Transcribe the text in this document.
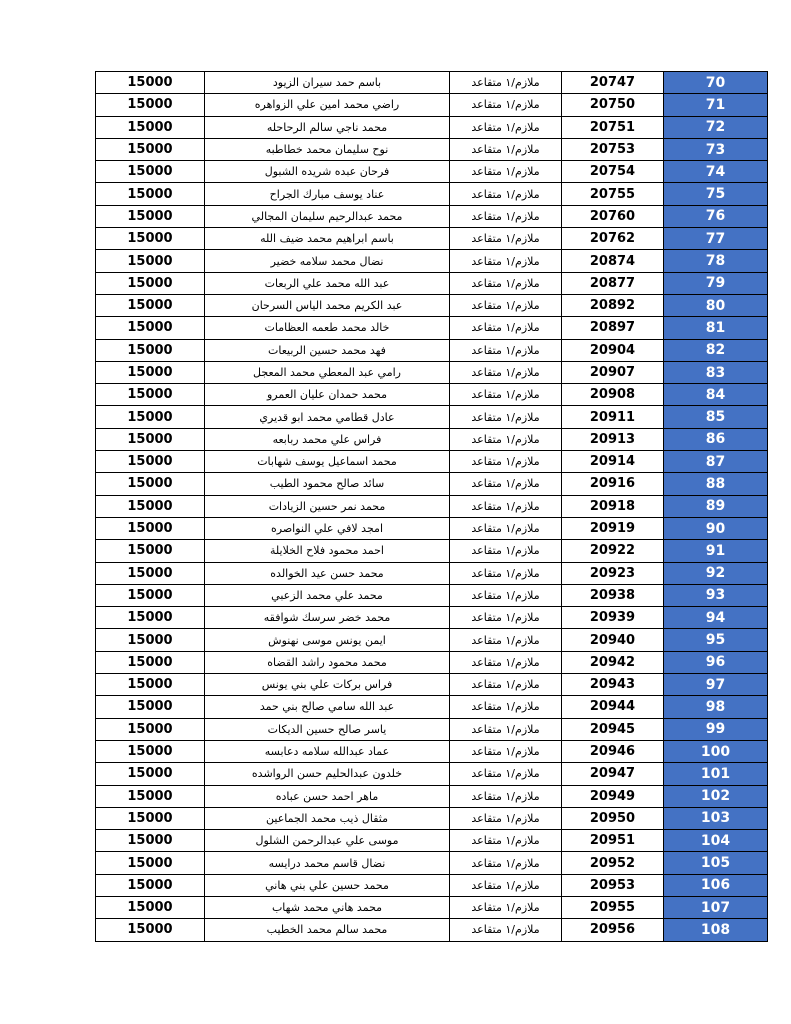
15000	باسم حمد سيران الزيود	ملازم/١ متقاعد	20747	70
15000	راضي محمد امين علي الزواهره	ملازم/١ متقاعد	20750	71
15000	محمد ناجي سالم الرحاحله	ملازم/١ متقاعد	20751	72
15000	نوح سليمان محمد خطاطبه	ملازم/١ متقاعد	20753	73
15000	فرحان عبده شريده الشبول	ملازم/١ متقاعد	20754	74
15000	عناد يوسف مبارك الجراح	ملازم/١ متقاعد	20755	75
15000	محمد عبدالرحيم سليمان المجالي	ملازم/١ متقاعد	20760	76
15000	باسم ابراهيم محمد ضيف الله	ملازم/١ متقاعد	20762	77
15000	نضال محمد سلامه خضير	ملازم/١ متقاعد	20874	78
15000	عبد الله محمد علي الربعات	ملازم/١ متقاعد	20877	79
15000	عبد الكريم محمد الياس السرحان	ملازم/١ متقاعد	20892	80
15000	خالد محمد طعمه العظامات	ملازم/١ متقاعد	20897	81
15000	فهد محمد حسين الربيعات	ملازم/١ متقاعد	20904	82
15000	رامي عبد المعطي محمد المعجل	ملازم/١ متقاعد	20907	83
15000	محمد حمدان عليان العمرو	ملازم/١ متقاعد	20908	84
15000	عادل قطامي محمد ابو قديري	ملازم/١ متقاعد	20911	85
15000	فراس علي محمد ربابعه	ملازم/١ متقاعد	20913	86
15000	محمد اسماعيل يوسف شهابات	ملازم/١ متقاعد	20914	87
15000	سائد صالح محمود الطيب	ملازم/١ متقاعد	20916	88
15000	محمد نمر حسين الزيادات	ملازم/١ متقاعد	20918	89
15000	امجد لافي علي النواصره	ملازم/١ متقاعد	20919	90
15000	احمد محمود فلاح الخلايلة	ملازم/١ متقاعد	20922	91
15000	محمد حسن عيد الخوالده	ملازم/١ متقاعد	20923	92
15000	محمد علي محمد الزعبي	ملازم/١ متقاعد	20938	93
15000	محمد خضر سرسك شوافقه	ملازم/١ متقاعد	20939	94
15000	ايمن يونس موسى نهنوش	ملازم/١ متقاعد	20940	95
15000	محمد محمود راشد القضاه	ملازم/١ متقاعد	20942	96
15000	فراس بركات علي بني يونس	ملازم/١ متقاعد	20943	97
15000	عبد الله سامي صالح بني حمد	ملازم/١ متقاعد	20944	98
15000	ياسر صالح حسين الديكات	ملازم/١ متقاعد	20945	99
15000	عماد عبدالله سلامه دعابسه	ملازم/١ متقاعد	20946	100
15000	خلدون عبدالحليم حسن الرواشده	ملازم/١ متقاعد	20947	101
15000	ماهر احمد حسن عباده	ملازم/١ متقاعد	20949	102
15000	مثقال ذيب محمد الجماعين	ملازم/١ متقاعد	20950	103
15000	موسى علي عبدالرحمن الشلول	ملازم/١ متقاعد	20951	104
15000	نضال قاسم محمد درايسه	ملازم/١ متقاعد	20952	105
15000	محمد حسين علي بني هاني	ملازم/١ متقاعد	20953	106
15000	محمد هاني محمد شهاب	ملازم/١ متقاعد	20955	107
15000	محمد سالم محمد الخطيب	ملازم/١ متقاعد	20956	108
